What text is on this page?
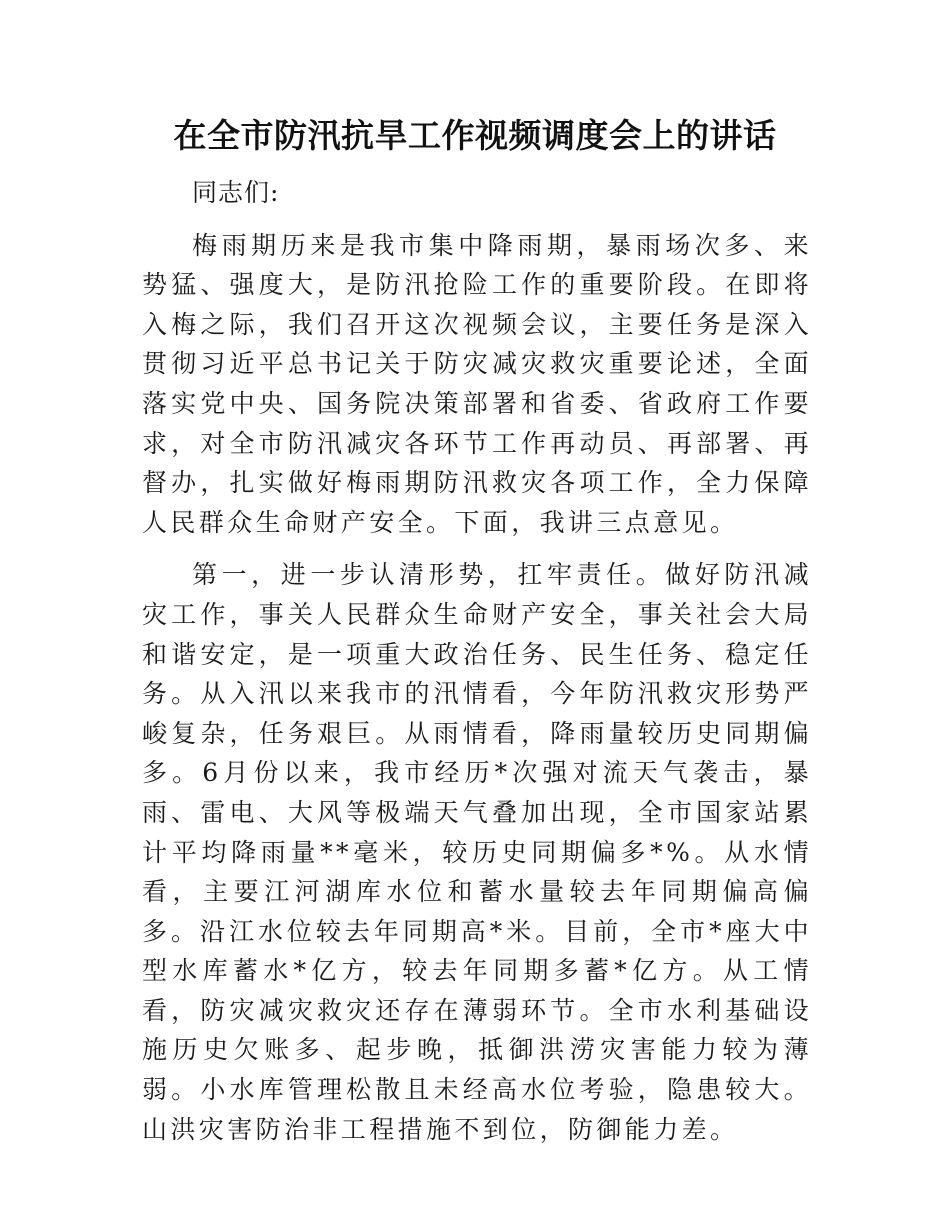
在全市防汛抗旱工作视频调度会上的讲话

同志们:

梅雨期历来是我市集中降雨期，暴雨场次多、来势猛、强度大，是防汛抢险工作的重要阶段。在即将入梅之际，我们召开这次视频会议，主要任务是深入贯彻习近平总书记关于防灾减灾救灾重要论述，全面落实党中央、国务院决策部署和省委、省政府工作要求，对全市防汛减灾各环节工作再动员、再部署、再督办，扎实做好梅雨期防汛救灾各项工作，全力保障人民群众生命财产安全。下面，我讲三点意见。

第一，进一步认清形势，扛牢责任。做好防汛减灾工作，事关人民群众生命财产安全，事关社会大局和谐安定，是一项重大政治任务、民生任务、稳定任务。从入汛以来我市的汛情看，今年防汛救灾形势严峻复杂，任务艰巨。从雨情看，降雨量较历史同期偏多。6月份以来，我市经历*次强对流天气袭击，暴雨、雷电、大风等极端天气叠加出现，全市国家站累计平均降雨量**毫米，较历史同期偏多*%。从水情看，主要江河湖库水位和蓄水量较去年同期偏高偏多。沿江水位较去年同期高*米。目前，全市*座大中型水库蓄水*亿方，较去年同期多蓄*亿方。从工情看，防灾减灾救灾还存在薄弱环节。全市水利基础设施历史欠账多、起步晚，抵御洪涝灾害能力较为薄弱。小水库管理松散且未经高水位考验，隐患较大。山洪灾害防治非工程措施不到位，防御能力差。
